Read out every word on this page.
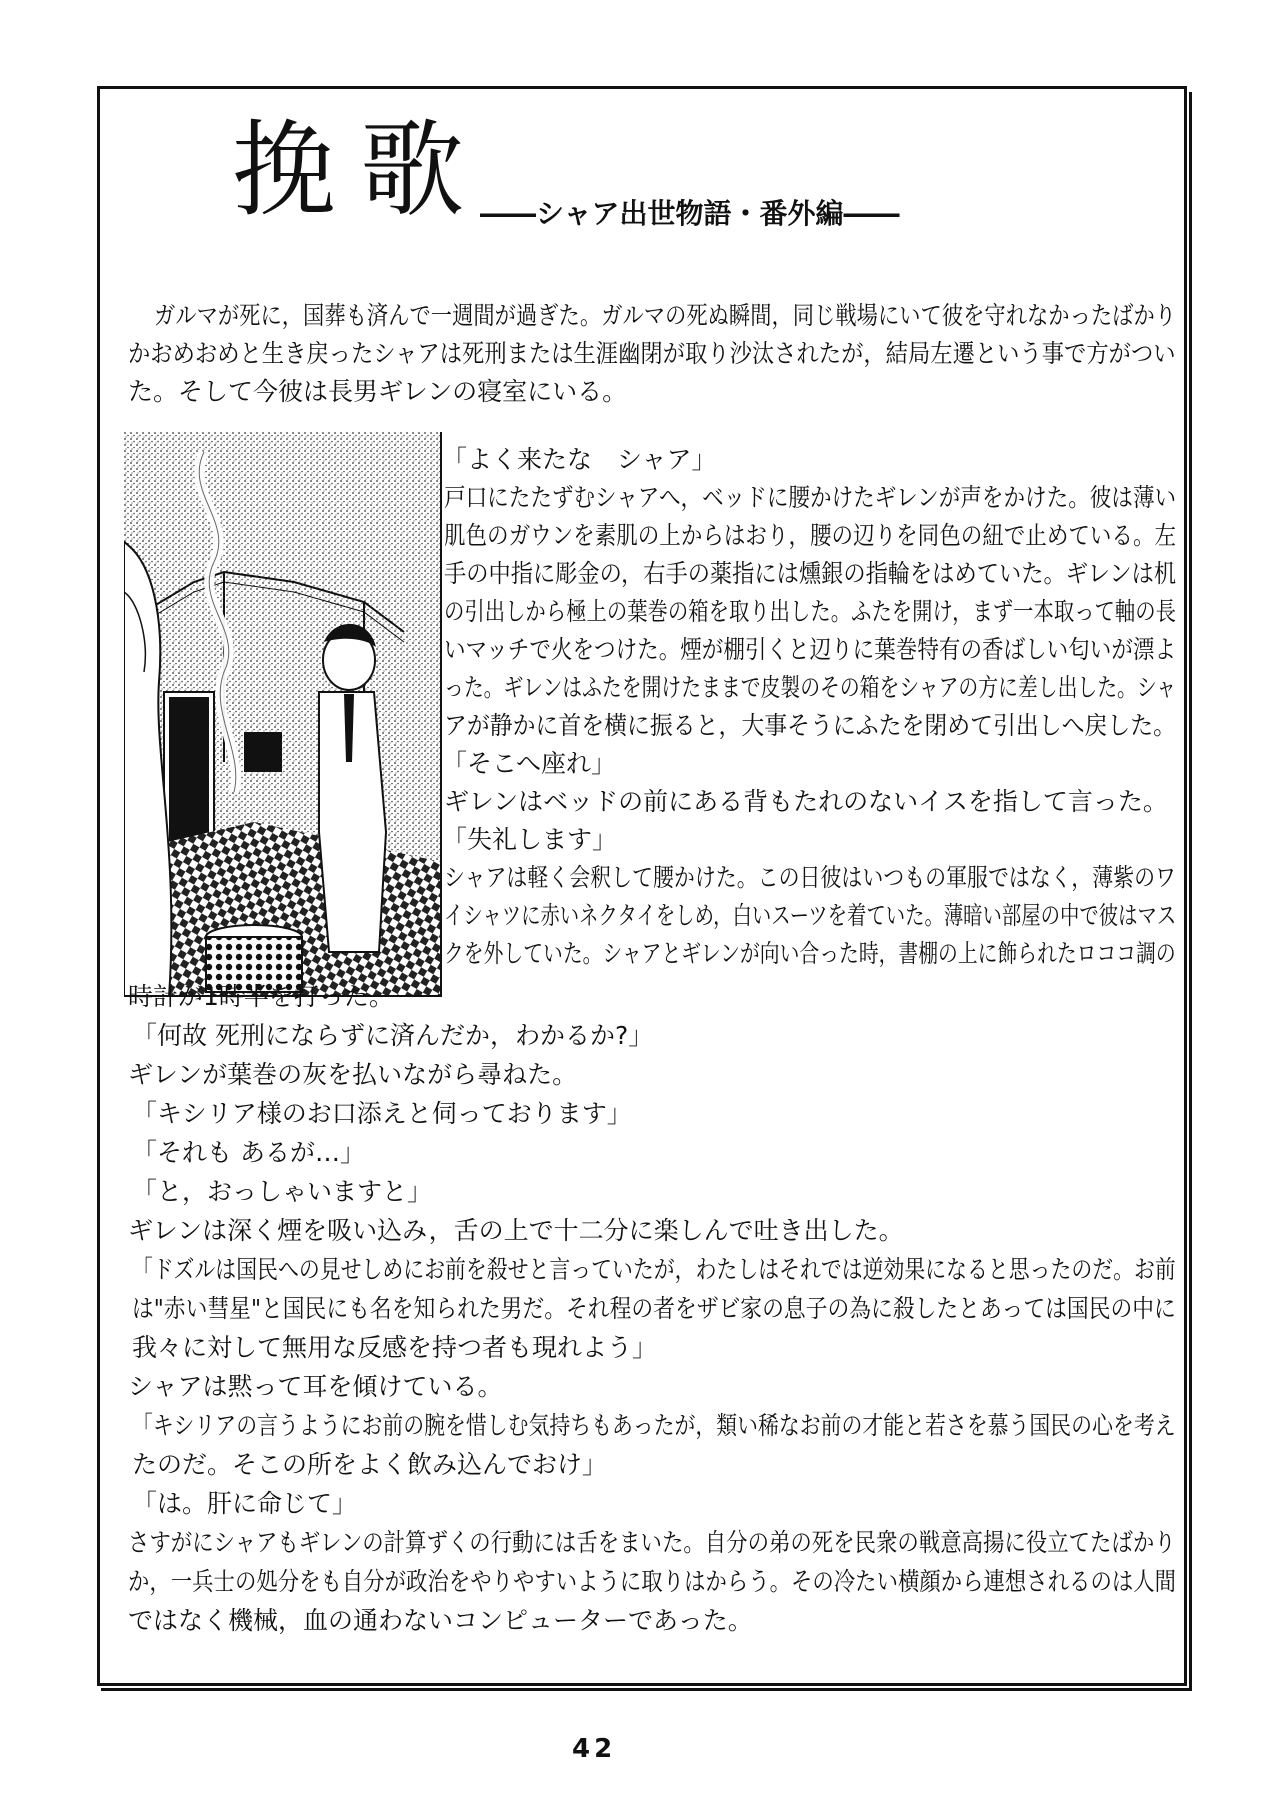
挽歌
――シャア出世物語・番外編――
ガルマが死に，国葬も済んで一週間が過ぎた。ガルマの死ぬ瞬間，同じ戦場にいて彼を守れなかったばかり
かおめおめと生き戻ったシャアは死刑または生涯幽閉が取り沙汰されたが，結局左遷という事で方がつい
た。そして今彼は長男ギレンの寝室にいる。
「よく来たな　シャア」
戸口にたたずむシャアへ，ベッドに腰かけたギレンが声をかけた。彼は薄い
肌色のガウンを素肌の上からはおり，腰の辺りを同色の紐で止めている。左
手の中指に彫金の，右手の薬指には燻銀の指輪をはめていた。ギレンは机
の引出しから極上の葉巻の箱を取り出した。ふたを開け，まず一本取って軸の長
いマッチで火をつけた。煙が棚引くと辺りに葉巻特有の香ばしい匂いが漂よ
った。ギレンはふたを開けたままで皮製のその箱をシャアの方に差し出した。シャ
アが静かに首を横に振ると，大事そうにふたを閉めて引出しへ戻した。
「そこへ座れ」
ギレンはベッドの前にある背もたれのないイスを指して言った。
「失礼します」
シャアは軽く会釈して腰かけた。この日彼はいつもの軍服ではなく，薄紫のワ
イシャツに赤いネクタイをしめ，白いスーツを着ていた。薄暗い部屋の中で彼はマス
クを外していた。シャアとギレンが向い合った時，書棚の上に飾られたロココ調の
時計が1時半を打った。
「何故 死刑にならずに済んだか，わかるか?」
ギレンが葉巻の灰を払いながら尋ねた。
「キシリア様のお口添えと伺っております」
「それも あるが…」
「と，おっしゃいますと」
ギレンは深く煙を吸い込み，舌の上で十二分に楽しんで吐き出した。
「ドズルは国民への見せしめにお前を殺せと言っていたが，わたしはそれでは逆効果になると思ったのだ。お前
は"赤い彗星"と国民にも名を知られた男だ。それ程の者をザビ家の息子の為に殺したとあっては国民の中に
我々に対して無用な反感を持つ者も現れよう」
シャアは黙って耳を傾けている。
「キシリアの言うようにお前の腕を惜しむ気持ちもあったが，類い稀なお前の才能と若さを慕う国民の心を考え
たのだ。そこの所をよく飲み込んでおけ」
「は。肝に命じて」
さすがにシャアもギレンの計算ずくの行動には舌をまいた。自分の弟の死を民衆の戦意高揚に役立てたばかり
か，一兵士の処分をも自分が政治をやりやすいように取りはからう。その冷たい横顔から連想されるのは人間
ではなく機械，血の通わないコンピューターであった。
42
